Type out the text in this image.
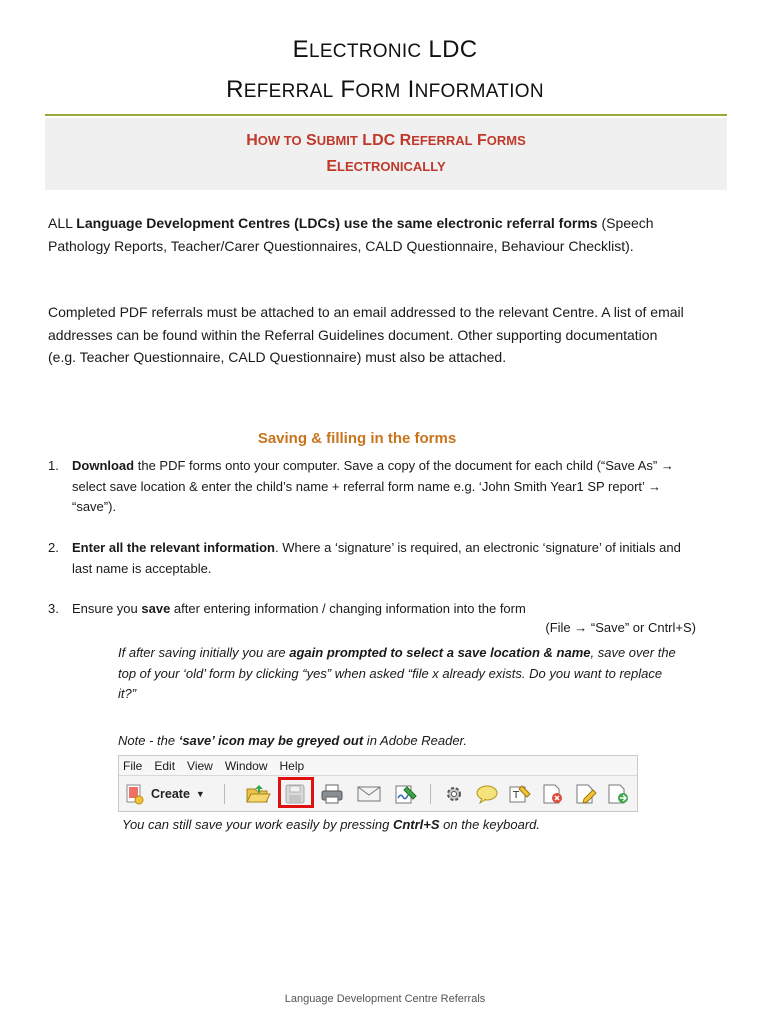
ELECTRONIC LDC
REFERRAL FORM INFORMATION
HOW TO SUBMIT LDC REFERRAL FORMS
ELECTRONICALLY
ALL Language Development Centres (LDCs) use the same electronic referral forms (Speech Pathology Reports, Teacher/Carer Questionnaires, CALD Questionnaire, Behaviour Checklist).
Completed PDF referrals must be attached to an email addressed to the relevant Centre. A list of email addresses can be found within the Referral Guidelines document. Other supporting documentation (e.g. Teacher Questionnaire, CALD Questionnaire) must also be attached.
Saving & filling in the forms
1. Download the PDF forms onto your computer. Save a copy of the document for each child (“Save As” → select save location & enter the child’s name + referral form name e.g. ‘John Smith Year1 SP report’ → “save”).
2. Enter all the relevant information. Where a ‘signature’ is required, an electronic ‘signature’ of initials and last name is acceptable.
3. Ensure you save after entering information / changing information into the form
(File → “Save” or Cntrl+S)
If after saving initially you are again prompted to select a save location & name, save over the top of your ‘old’ form by clicking “yes” when asked “file x already exists. Do you want to replace it?”
Note - the ‘save’ icon may be greyed out in Adobe Reader.
File Edit View Window Help
Create ▼	T
You can still save your work easily by pressing Cntrl+S on the keyboard.
Language Development Centre Referrals
